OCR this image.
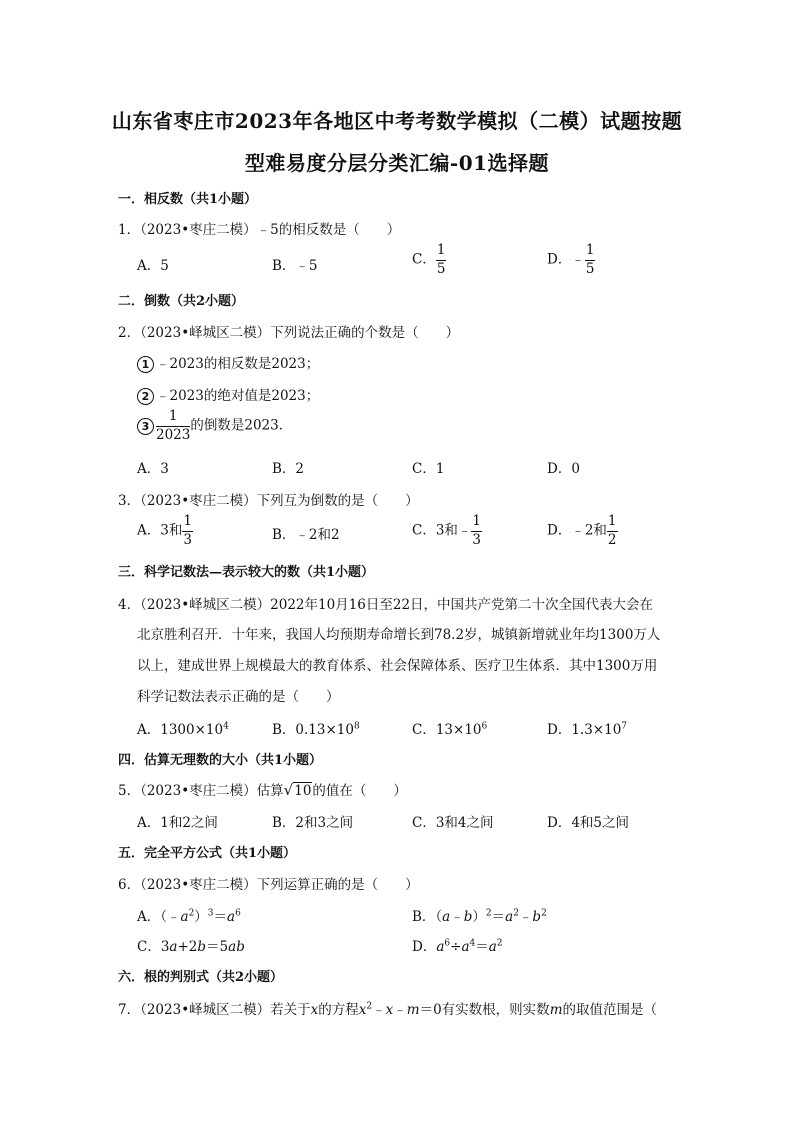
山东省枣庄市2023年各地区中考考数学模拟（二模）试题按题
型难易度分层分类汇编-01选择题
一．相反数（共1小题）
1．（2023•枣庄二模）﹣5的相反数是（　　）
A．5	B．﹣5	C． $\frac{1}{5}$	D．﹣ $\frac{1}{5}$
二．倒数（共2小题）
2．（2023•峄城区二模）下列说法正确的个数是（　　）
1 ﹣2023的相反数是2023；
2 ﹣2023的绝对值是2023；
$3 \frac{1}{2023}$ 的倒数是2023．
A．3	B．2	C．1	D．0
3．（2023•枣庄二模）下列互为倒数的是（　　）
A．3和 $\frac{1}{3}$	B．﹣2和2	C．3和﹣ $\frac{1}{3}$	D．﹣2和 $\frac{1}{2}$
三．科学记数法—表示较大的数（共1小题）
4．（2023•峄城区二模）2022年10月16日至22日，中国共产党第二十次全国代表大会在
北京胜利召开．十年来，我国人均预期寿命增长到78.2岁，城镇新增就业年均1300万人
以上，建成世界上规模最大的教育体系、社会保障体系、医疗卫生体系．其中1300万用
科学记数法表示正确的是（　　）
A．$1300\times 10^4$	B．$0.13\times 10^8$	C．$13\times 10^6$	D．$1.3\times 10^7$
四．估算无理数的大小（共1小题）
5．（2023•枣庄二模）估算√10的值在（　　）
A．1和2之间	B．2和3之间	C．3和4之间	D．4和5之间
五．完全平方公式（共1小题）
6．（2023•枣庄二模）下列运算正确的是（　　）
A．$(﹣a^2)^3=a^6$	B．$(a﹣b)^2=a^2﹣b^2$
C．3a+2b＝5ab	D．$a^6\div a^4=a^2$
六．根的判别式（共2小题）
7．（2023•峄城区二模）若关于x的方程$x^2﹣x﹣m=0$有实数根，则实数m的取值范围是（
